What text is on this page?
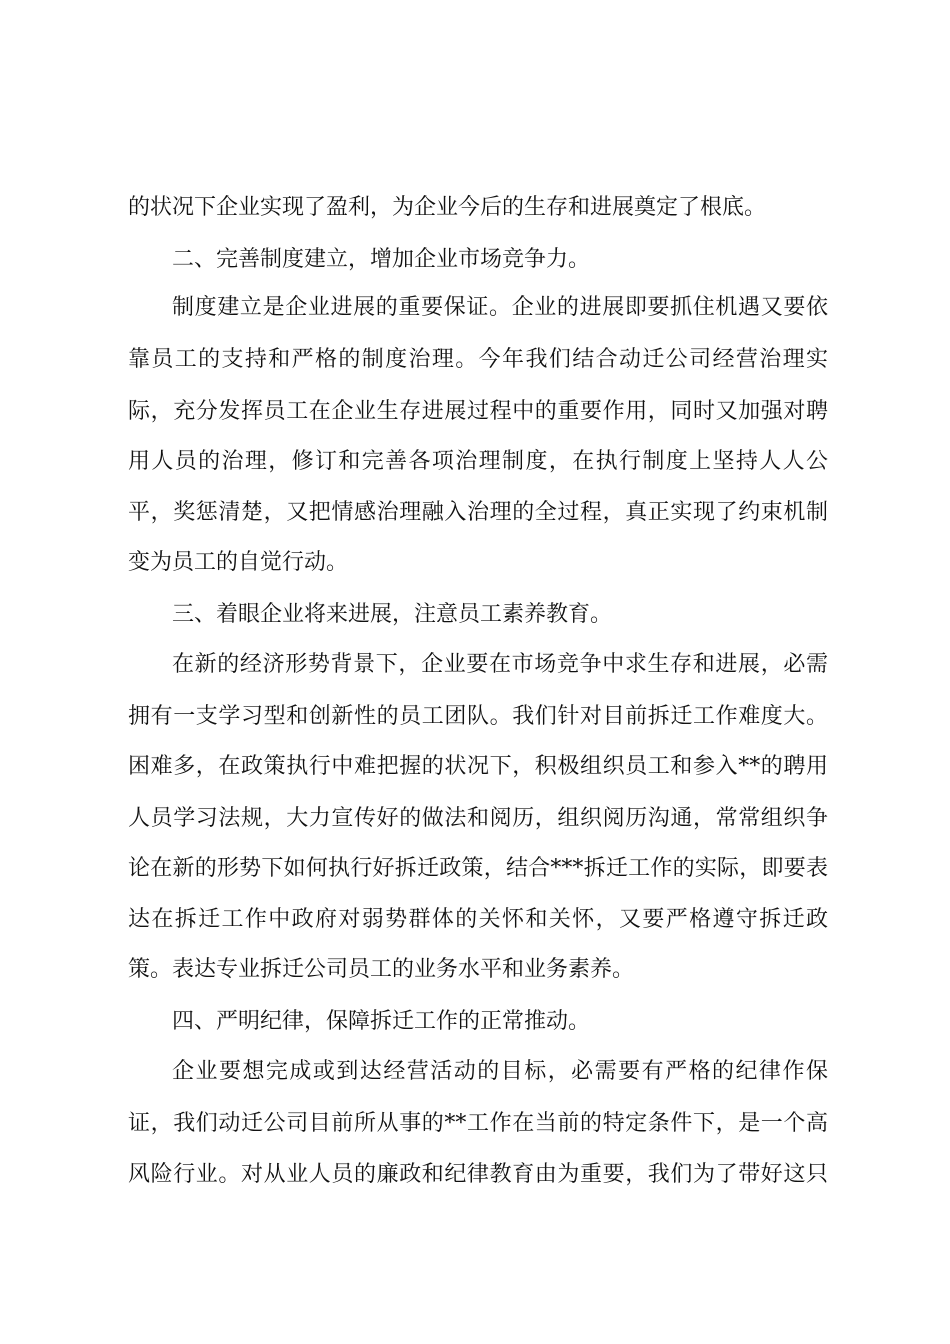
的状况下企业实现了盈利，为企业今后的生存和进展奠定了根底。
二、完善制度建立，增加企业市场竞争力。
制度建立是企业进展的重要保证。企业的进展即要抓住机遇又要依
靠员工的支持和严格的制度治理。今年我们结合动迁公司经营治理实
际，充分发挥员工在企业生存进展过程中的重要作用，同时又加强对聘
用人员的治理，修订和完善各项治理制度，在执行制度上坚持人人公
平，奖惩清楚，又把情感治理融入治理的全过程，真正实现了约束机制
变为员工的自觉行动。
三、着眼企业将来进展，注意员工素养教育。
在新的经济形势背景下，企业要在市场竞争中求生存和进展，必需
拥有一支学习型和创新性的员工团队。我们针对目前拆迁工作难度大。
困难多，在政策执行中难把握的状况下，积极组织员工和参入**的聘用
人员学习法规，大力宣传好的做法和阅历，组织阅历沟通，常常组织争
论在新的形势下如何执行好拆迁政策，结合***拆迁工作的实际，即要表
达在拆迁工作中政府对弱势群体的关怀和关怀，又要严格遵守拆迁政
策。表达专业拆迁公司员工的业务水平和业务素养。
四、严明纪律，保障拆迁工作的正常推动。
企业要想完成或到达经营活动的目标，必需要有严格的纪律作保
证，我们动迁公司目前所从事的**工作在当前的特定条件下，是一个高
风险行业。对从业人员的廉政和纪律教育由为重要，我们为了带好这只
